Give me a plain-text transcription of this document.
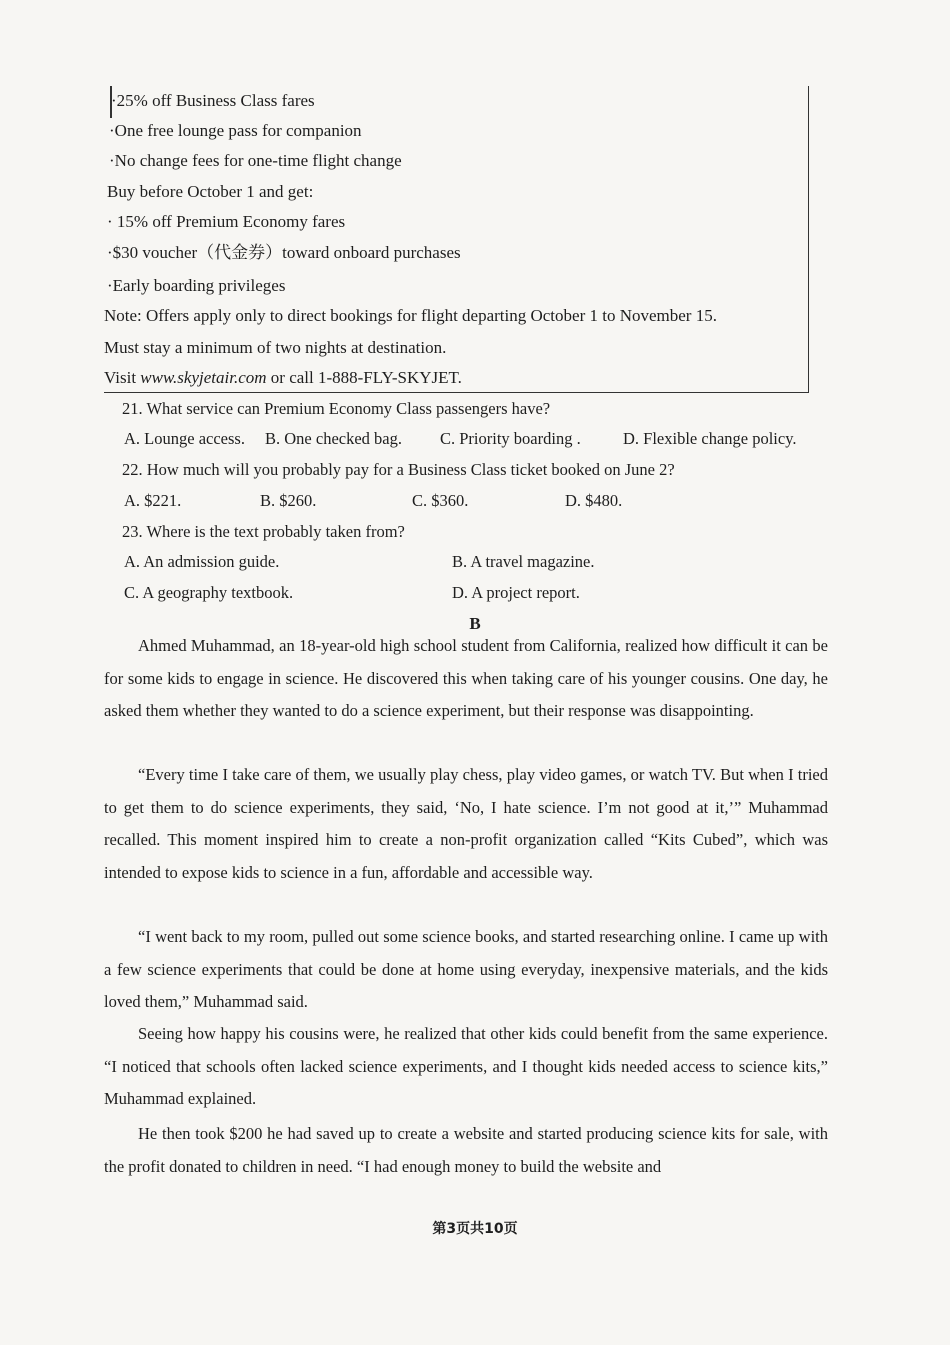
·25% off Business Class fares
·One free lounge pass for companion
·No change fees for one-time flight change
Buy before October 1 and get:
· 15% off Premium Economy fares
·$30 voucher（代金券）toward onboard purchases
·Early boarding privileges
Note: Offers apply only to direct bookings for flight departing October 1 to November 15.
Must stay a minimum of two nights at destination.
Visit www.skyjetair.com or call 1-888-FLY-SKYJET.
21. What service can Premium Economy Class passengers have?
A. Lounge access. B. One checked bag. C. Priority boarding .	D. Flexible change policy.
22. How much will you probably pay for a Business Class ticket booked on June 2?
A. $221.	B. $260.	C. $360.	D. $480.
23. Where is the text probably taken from?
A. An admission guide.	B. A travel magazine.
C. A geography textbook.	D. A project report.
B
Ahmed Muhammad, an 18-year-old high school student from California, realized how difficult it can be for some kids to engage in science. He discovered this when taking care of his younger cousins. One day, he asked them whether they wanted to do a science experiment, but their response was disappointing.
“Every time I take care of them, we usually play chess, play video games, or watch TV. But when I tried to get them to do science experiments, they said, ‘No, I hate science. I’m not good at it,’” Muhammad recalled. This moment inspired him to create a non-profit organization called “Kits Cubed”, which was intended to expose kids to science in a fun, affordable and accessible way.
“I went back to my room, pulled out some science books, and started researching online. I came up with a few science experiments that could be done at home using everyday, inexpensive materials, and the kids loved them,” Muhammad said.
Seeing how happy his cousins were, he realized that other kids could benefit from the same experience. “I noticed that schools often lacked science experiments, and I thought kids needed access to science kits,” Muhammad explained.
He then took $200 he had saved up to create a website and started producing science kits for sale, with the profit donated to children in need. “I had enough money to build the website and
第3页共10页
